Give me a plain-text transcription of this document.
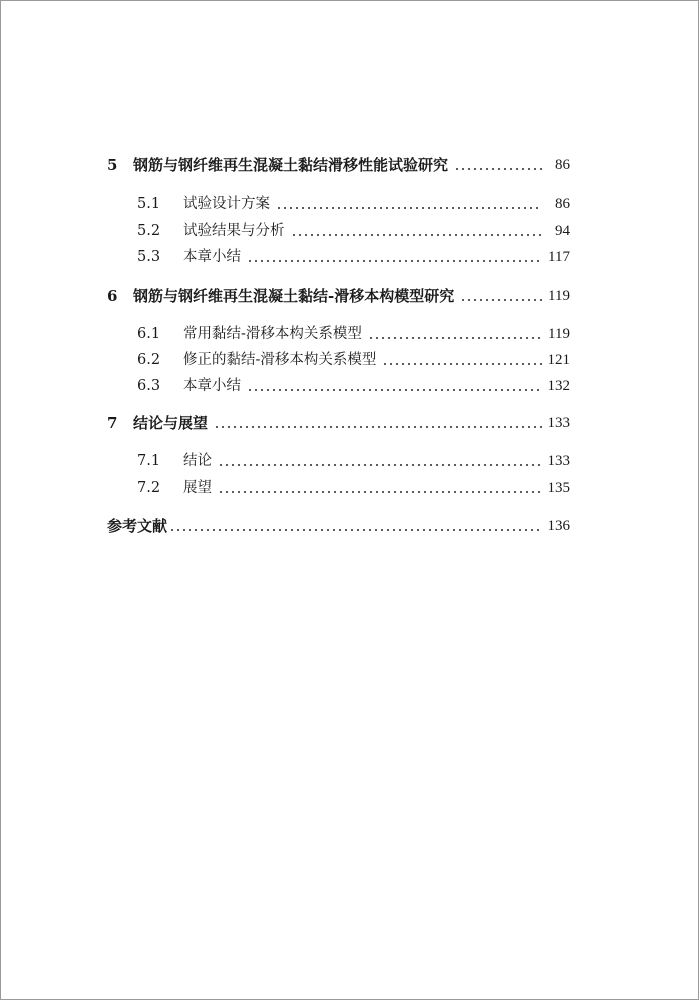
5	钢筋与钢纤维再生混凝土黏结滑移性能试验研究	86
5.1	试验设计方案	86
5.2	试验结果与分析	94
5.3	本章小结	117
6	钢筋与钢纤维再生混凝土黏结-滑移本构模型研究	119
6.1	常用黏结-滑移本构关系模型	119
6.2	修正的黏结-滑移本构关系模型	121
6.3	本章小结	132
7	结论与展望	133
7.1	结论	133
7.2	展望	135
参考文献	136
